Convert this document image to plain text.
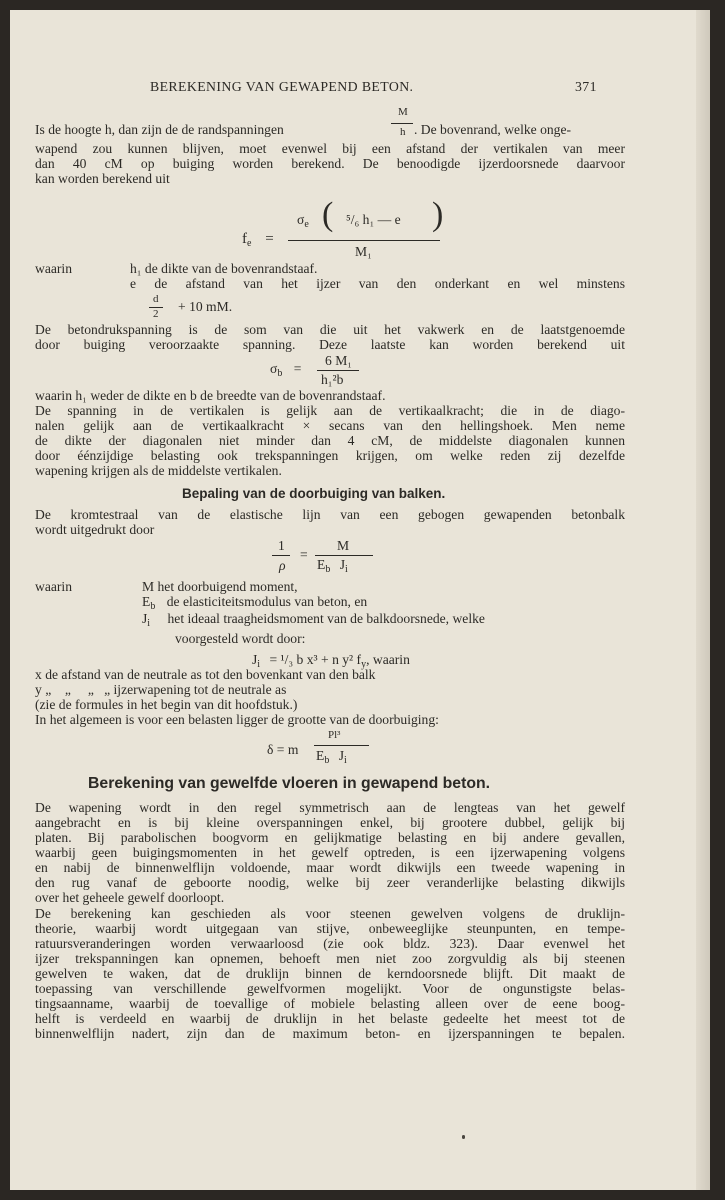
BEREKENING VAN GEWAPEND BETON.	371
Is de hoogte h, dan zijn de de randspanningen
M
h . De bovenrand, welke onge-
wapend zou kunnen blijven, moet evenwel bij een afstand der vertikalen van meer
dan 40 cM op buiging worden berekend. De benoodigde ijzerdoorsnede daarvoor
kan worden berekend uit
$f_e$ =
$\sigma_e$ ( ⁵/₆ h₁ — e )
M₁
waarin	h₁ de dikte van de bovenrandstaaf.
e de afstand van het ijzer van den onderkant en wel minstens
d
2 + 10 mM.
De betondrukspanning is de som van die uit het vakwerk en de laatstgenoemde
door buiging veroorzaakte spanning. Deze laatste kan worden berekend uit
$\sigma_b$ =
6 M₁
h₁²b
waarin h₁ weder de dikte en b de breedte van de bovenrandstaaf.
De spanning in de vertikalen is gelijk aan de vertikaalkracht; die in de diago-
nalen gelijk aan de vertikaalkracht × secans van den hellingshoek. Men neme
de dikte der diagonalen niet minder dan 4 cM, de middelste diagonalen kunnen
door éénzijdige belasting ook trekspanningen krijgen, om welke reden zij dezelfde
wapening krijgen als de middelste vertikalen.
Bepaling van de doorbuiging van balken.
De kromtestraal van de elastische lijn van een gebogen gewapenden betonbalk
wordt uitgedrukt door
1
ρ
=
M
$E_b$ $J_i$
waarin	M het doorbuigend moment,
$E_b$ de elasticiteitsmodulus van beton, en
$J_i$ het ideaal traagheidsmoment van de balkdoorsnede, welke
voorgesteld wordt door:
$J_i = ^1/_3$ b x³ + n y² $f_y$, waarin
x de afstand van de neutrale as tot den bovenkant van den balk
y „    „     „   „ ijzerwapening tot de neutrale as
(zie de formules in het begin van dit hoofdstuk.)
In het algemeen is voor een belasten ligger de grootte van de doorbuiging:
δ = m
Pl³
$E_b$ $J_i$
Berekening van gewelfde vloeren in gewapend beton.
De wapening wordt in den regel symmetrisch aan de lengteas van het gewelf
aangebracht en is bij kleine overspanningen enkel, bij grootere dubbel, gelijk bij
platen. Bij parabolischen boogvorm en gelijkmatige belasting en bij andere gevallen,
waarbij geen buigingsmomenten in het gewelf optreden, is een ijzerwapening volgens
en nabij de binnenwelflijn voldoende, maar wordt dikwijls een tweede wapening in
den rug vanaf de geboorte noodig, welke bij zeer veranderlijke belasting dikwijls
over het geheele gewelf doorloopt.
De berekening kan geschieden als voor steenen gewelven volgens de druklijn-
theorie, waarbij wordt uitgegaan van stijve, onbeweeglijke steunpunten, en tempe-
ratuursveranderingen worden verwaarloosd (zie ook bldz. 323). Daar evenwel het
ijzer trekspanningen kan opnemen, behoeft men niet zoo zorgvuldig als bij steenen
gewelven te waken, dat de druklijn binnen de kerndoorsnede blijft. Dit maakt de
toepassing van verschillende gewelfvormen mogelijkt. Voor de ongunstigste belas-
tingsaanname, waarbij de toevallige of mobiele belasting alleen over de eene boog-
helft is verdeeld en waarbij de druklijn in het belaste gedeelte het meest tot de
binnenwelflijn nadert, zijn dan de maximum beton- en ijzerspanningen te bepalen.
